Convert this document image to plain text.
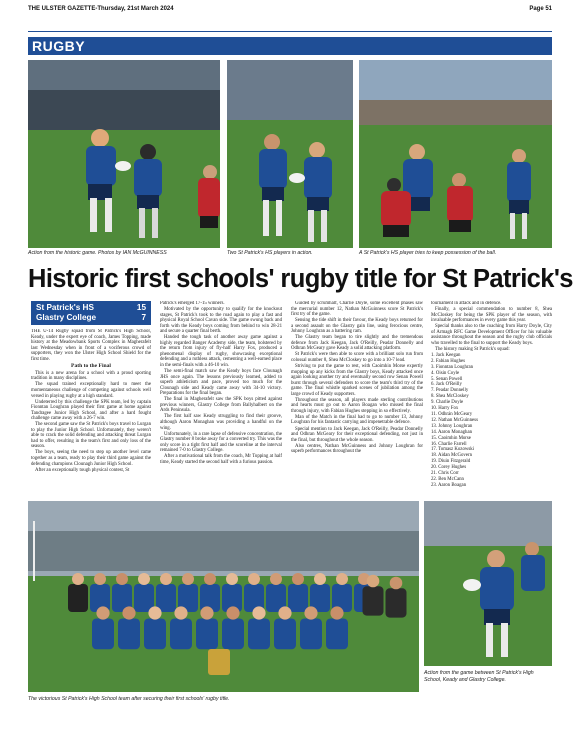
THE ULSTER GAZETTE-Thursday, 21st March 2024	Page 51
RUGBY
Action from the historic game. Photos by IAN McGUINNESS	Two St Patrick's HS players in action.	A St Patrick's HS player tries to keep possession of the ball.
Historic first schools' rugby title for St Patrick's
St Patrick's HS	15
Glastry College	7

THE U-14 Rugby squad from St Patrick's High School, Keady, under the expert eye of coach, James Topping, made history at the Meadowbank Sports Complex in Magherafelt last Wednesday when in front of a vociferous crowd of supporters, they won the Ulster High School Shield for the first time.

Path to the Final

This is a new arena for a school with a proud sporting tradition in many disciplines.

The squad trained exceptionally hard to meet the momentaneous challenge of competing against schools well versed in playing rugby at a high standard.

Undeterred by this challenge the SPK team, led by captain Fionntan Loughran played their first game at home against Tandragee Junior High School, and after a hard fought challenge came away with a 26-7 win.

The second game saw the St Patrick's boys travel to Lurgan to play the Junior High School. Unfortunately, they weren't able to crack the solid defending and attacking threat Lurgan had to offer, resulting in the team's first and only loss of the season.

The boys, seeing the need to step up another level came together as a team, ready to play their third game against the defending champions Clounagh Junior High School.

After an exceptionally tough physical contest, St

Patrick's emerged 17-15 winners.

Motivated by the opportunity to qualify for the knockout stages, St Patrick's took to the road again to play a fast and physical Royal School Cavan side. The game swung back and forth with the Keady boys coming from behind to win 28-21 and secure a quarter final berth.

Handed the tough task of another away game against a highly regarded Banger Academy side, the team, bolstered by the return from injury of fly-half Harry Fox, produced a phenomenal display of rugby, showcasing exceptional defending and a ruthless attack, cementing a well-earned place in the semi-finals with a 46-10 win.

The semi-final match saw the Keady boys face Clounagh JHS once again. The lessons previously learned, added to superb athleticism and pace, proved too much for the Clounagh side and Keady came away with 34-10 victory. Preparations for the final began.

The final in Magherafelt saw the SPK boys pitted against previous winners, Glastry College from Ballyhalbert on the Ards Peninsula.

The first half saw Keady struggling to find their groove, although Aaron Monaghan was providing a handful on the wing.

Unfortunately, in a rare lapse of defensive concentration, the Glastry number 8 broke away for a converted try. This was the only score in a tight first half and the scoreline at the interval remained 7-0 to Glastry College.

After a motivational talk from the coach, Mr Topping at half time, Keady started the second half with a furious passion.

Guided by scrumhalf, Charlie Doyle, some excellent phases saw the mercurial number 12, Nathan McGuinness score St Patrick's first try of the game.

Sensing the tide shift in their favour, the Keady boys returned for a second assault on the Glastry gain line, using ferocious centre, Johnny Loughran as a battering ram.

The Glastry team began to tire slightly and the tremendous defence from Jack Keegan, Jack O'Reilly, Peadar Donnelly and Odhran McGeary gave Keady a solid attacking platform.

St Patrick's were then able to score with a brilliant solo run from colossal number 8, Shea McCloskey to go into a 10-7 lead.

Striving to put the game to rest, with Caoimhin Morse expertly mopping up any kicks from the Glastry boys, Keady attacked once again looking another try and eventually second row Senan Powell burst through several defenders to score the team's third try of the game. The final whistle sparked scenes of jubilation among the large crowd of Keady supporters.

Throughout the season, all players made sterling contributions and hearts must go out to Aaron Boagan who missed the final through injury, with Fabian Hughes stepping in so effectively.

Man of the Match in the final had to go to number 13, Johnny Loughran for his fantastic carrying and impenetrable defence.

Special mention to Jack Keegan, Jack O'Reilly, Peadar Donnelly and Odhran McGeary for their exceptional defending, not just in the final, but throughout the whole season.

Also centres, Nathan McGuinness and Johnny Loughran for superb performances throughout the

tournament in attack and in defence.

Finally, a special commendation to number 8, Shea McCloskey for being the SPK player of the season, with invaluable performances in every game this year.

Special thanks also to the coaching from Harry Doyle, City of Armagh RFC Game Development Officer for his valuable assistance throughout the season and the rugby club officials who travelled to the final to support the Keady boys.

The history making St Patrick's squad:

1. Jack Keegan

2. Fabian Hughes

3. Fionntan Loughran

4. Oisin Coyle

5. Senan Powell

6. Jack O'Reilly

7. Peadar Donnelly

8. Shea McCloskey

9. Charlie Doyle

10. Harry Fox

11. Odhrán McGeary

12. Nathan McGuinness

13. Johnny Loughran

14. Aaron Monaghan

15. Caoimhin Morse

16. Charlie Farrell

17. Tomasz Kozowski

18. Aidan McGovern

19. Diuin Fitzgerald

20. Corey Hughes

21. Chris Corr

22. Ben McCann

23. Aaron Boagan

The victorious St Patrick's High School team after securing their first schools' rugby title.
Action from the game between St Patrick's High School, Keady and Glastry College.
